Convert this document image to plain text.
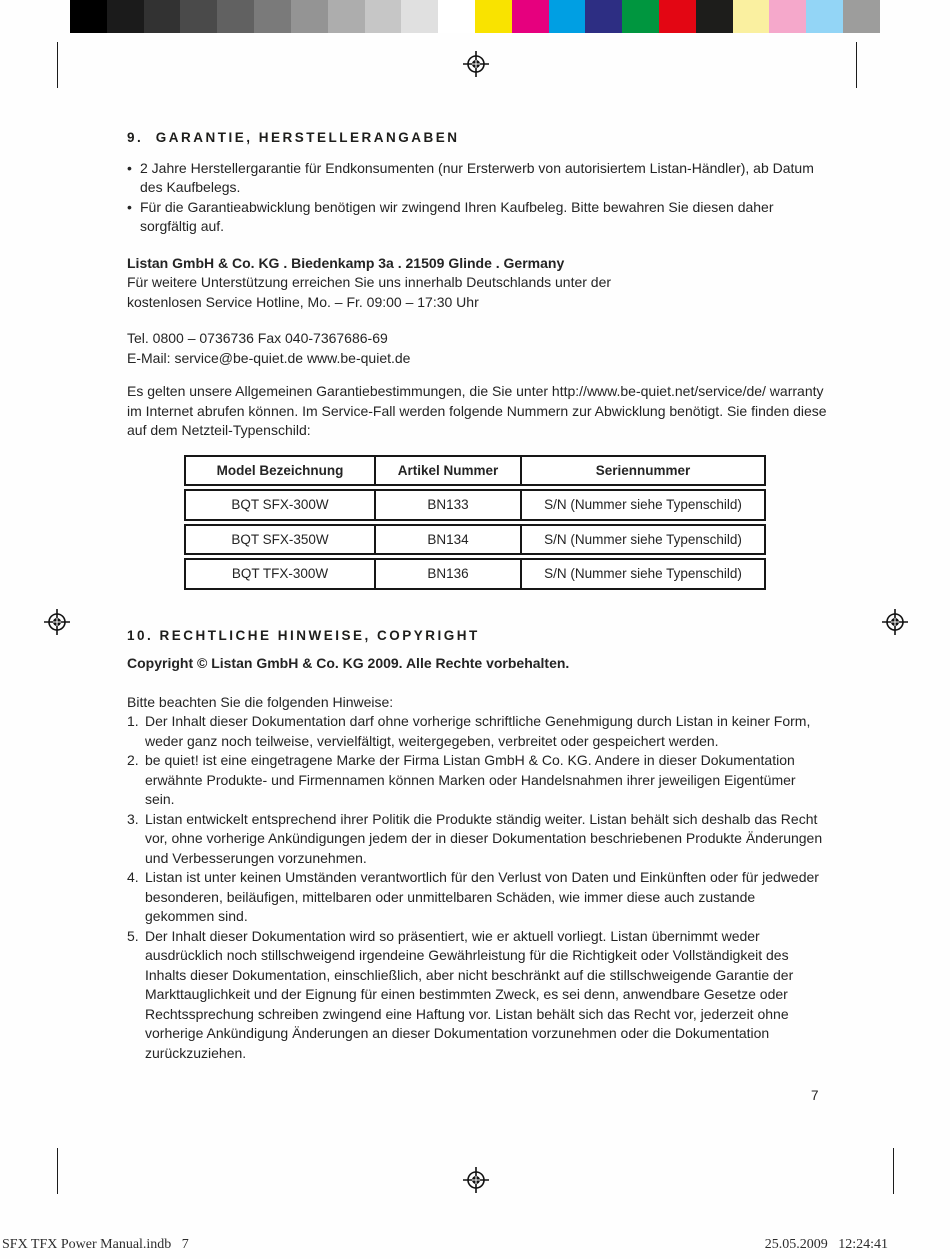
9.  GARANTIE, HERSTELLERANGABEN
• 2 Jahre Herstellergarantie für Endkonsumenten (nur Ersterwerb von autorisiertem Listan-Händler), ab Datum des Kaufbelegs.
• Für die Garantieabwicklung benötigen wir zwingend Ihren Kaufbeleg. Bitte bewahren Sie diesen daher sorgfältig auf.

Listan GmbH & Co. KG . Biedenkamp 3a . 21509 Glinde . Germany

Für weitere Unterstützung erreichen Sie uns innerhalb Deutschlands unter der

kostenlosen Service Hotline, Mo. – Fr. 09:00 – 17:30 Uhr

Tel. 0800 – 0736736 Fax 040-7367686-69

E-Mail: service@be-quiet.de www.be-quiet.de

Es gelten unsere Allgemeinen Garantiebestimmungen, die Sie unter http://www.be-quiet.net/service/de/ warranty im Internet abrufen können. Im Service-Fall werden folgende Nummern zur Abwicklung benötigt. Sie finden diese auf dem Netzteil-Typenschild:

Model Bezeichnung	Artikel Nummer	Seriennummer
BQT SFX-300W	BN133	S/N (Nummer siehe Typenschild)
BQT SFX-350W	BN134	S/N (Nummer siehe Typenschild)
BQT TFX-300W	BN136	S/N (Nummer siehe Typenschild)
10. RECHTLICHE HINWEISE, COPYRIGHT

Copyright © Listan GmbH & Co. KG 2009. Alle Rechte vorbehalten.

Bitte beachten Sie die folgenden Hinweise:

1. Der Inhalt dieser Dokumentation darf ohne vorherige schriftliche Genehmigung durch Listan in keiner Form, weder ganz noch teilweise, vervielfältigt, weitergegeben, verbreitet oder gespeichert werden.
2. be quiet! ist eine eingetragene Marke der Firma Listan GmbH & Co. KG. Andere in dieser Dokumentation erwähnte Produkte- und Firmennamen können Marken oder Handelsnahmen ihrer jeweiligen Eigentümer sein.
3. Listan entwickelt entsprechend ihrer Politik die Produkte ständig weiter. Listan behält sich deshalb das Recht vor, ohne vorherige Ankündigungen jedem der in dieser Dokumentation beschriebenen Produkte Änderungen und Verbesserungen vorzunehmen.
4. Listan ist unter keinen Umständen verantwortlich für den Verlust von Daten und Einkünften oder für jedweder besonderen, beiläufigen, mittelbaren oder unmittelbaren Schäden, wie immer diese auch zustande gekommen sind.
5. Der Inhalt dieser Dokumentation wird so präsentiert, wie er aktuell vorliegt. Listan übernimmt weder ausdrücklich noch stillschweigend irgendeine Gewährleistung für die Richtigkeit oder Vollständigkeit des Inhalts dieser Dokumentation, einschließlich, aber nicht beschränkt auf die stillschweigende Garantie der Markttauglichkeit und der Eignung für einen bestimmten Zweck, es sei denn, anwendbare Gesetze oder Rechtssprechung schreiben zwingend eine Haftung vor. Listan behält sich das Recht vor, jederzeit ohne vorherige Ankündigung Änderungen an dieser Dokumentation vorzunehmen oder die Dokumentation zurückzuziehen.
7
SFX TFX Power Manual.indb   7	25.05.2009   12:24:41
